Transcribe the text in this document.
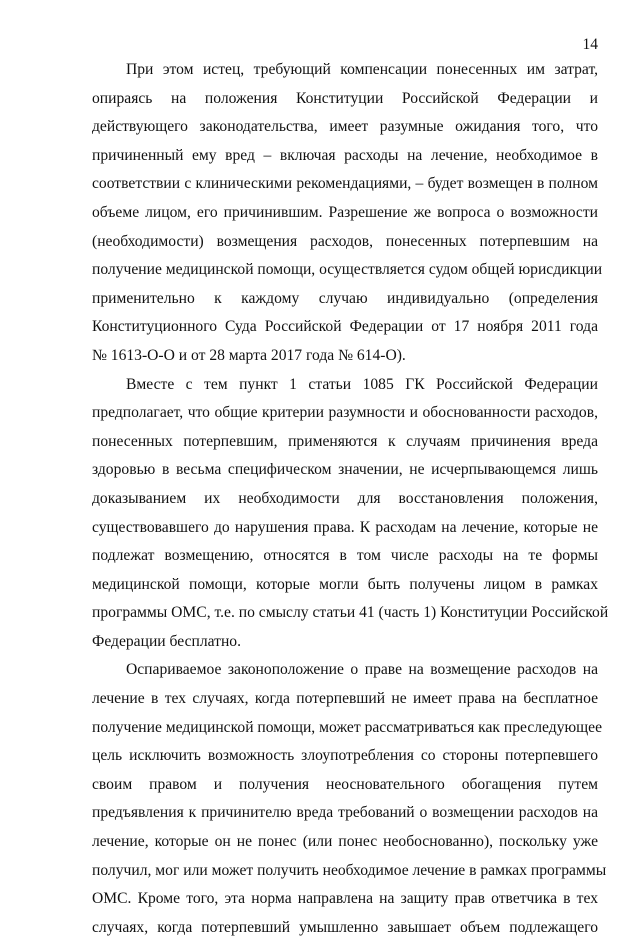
14

При этом истец, требующий компенсации понесенных им затрат,
опираясь на положения Конституции Российской Федерации и
действующего законодательства, имеет разумные ожидания того, что
причиненный ему вред – включая расходы на лечение, необходимое в
соответствии с клиническими рекомендациями, – будет возмещен в полном
объеме лицом, его причинившим. Разрешение же вопроса о возможности
(необходимости) возмещения расходов, понесенных потерпевшим на
получение медицинской помощи, осуществляется судом общей юрисдикции
применительно к каждому случаю индивидуально (определения
Конституционного Суда Российской Федерации от 17 ноября 2011 года
№ 1613-О-О и от 28 марта 2017 года № 614-О).

Вместе с тем пункт 1 статьи 1085 ГК Российской Федерации
предполагает, что общие критерии разумности и обоснованности расходов,
понесенных потерпевшим, применяются к случаям причинения вреда
здоровью в весьма специфическом значении, не исчерпывающемся лишь
доказыванием их необходимости для восстановления положения,
существовавшего до нарушения права. К расходам на лечение, которые не
подлежат возмещению, относятся в том числе расходы на те формы
медицинской помощи, которые могли быть получены лицом в рамках
программы ОМС, т.е. по смыслу статьи 41 (часть 1) Конституции Российской
Федерации бесплатно.

Оспариваемое законоположение о праве на возмещение расходов на
лечение в тех случаях, когда потерпевший не имеет права на бесплатное
получение медицинской помощи, может рассматриваться как преследующее
цель исключить возможность злоупотребления со стороны потерпевшего
своим правом и получения неосновательного обогащения путем
предъявления к причинителю вреда требований о возмещении расходов на
лечение, которые он не понес (или понес необоснованно), поскольку уже
получил, мог или может получить необходимое лечение в рамках программы
ОМС. Кроме того, эта норма направлена на защиту прав ответчика в тех
случаях, когда потерпевший умышленно завышает объем подлежащего
